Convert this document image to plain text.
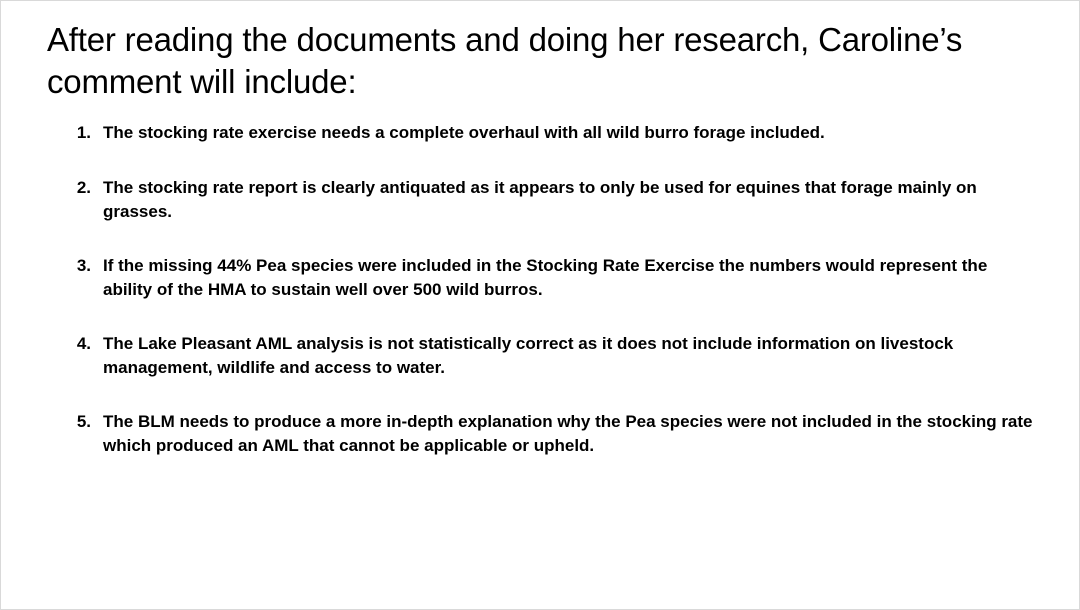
After reading the documents and doing her research, Caroline’s comment will include:
1. The stocking rate exercise needs a complete overhaul with all wild burro forage included.
2. The stocking rate report is clearly antiquated as it appears to only be used for equines that forage mainly on grasses.
3. If the missing 44% Pea species were included in the Stocking Rate Exercise the numbers would represent the ability of the HMA to sustain well over 500 wild burros.
4. The Lake Pleasant AML analysis is not statistically correct as it does not include information on livestock management, wildlife and access to water.
5. The BLM needs to produce a more in-depth explanation why the Pea species were not included in the stocking rate which produced an AML that cannot be applicable or upheld.
